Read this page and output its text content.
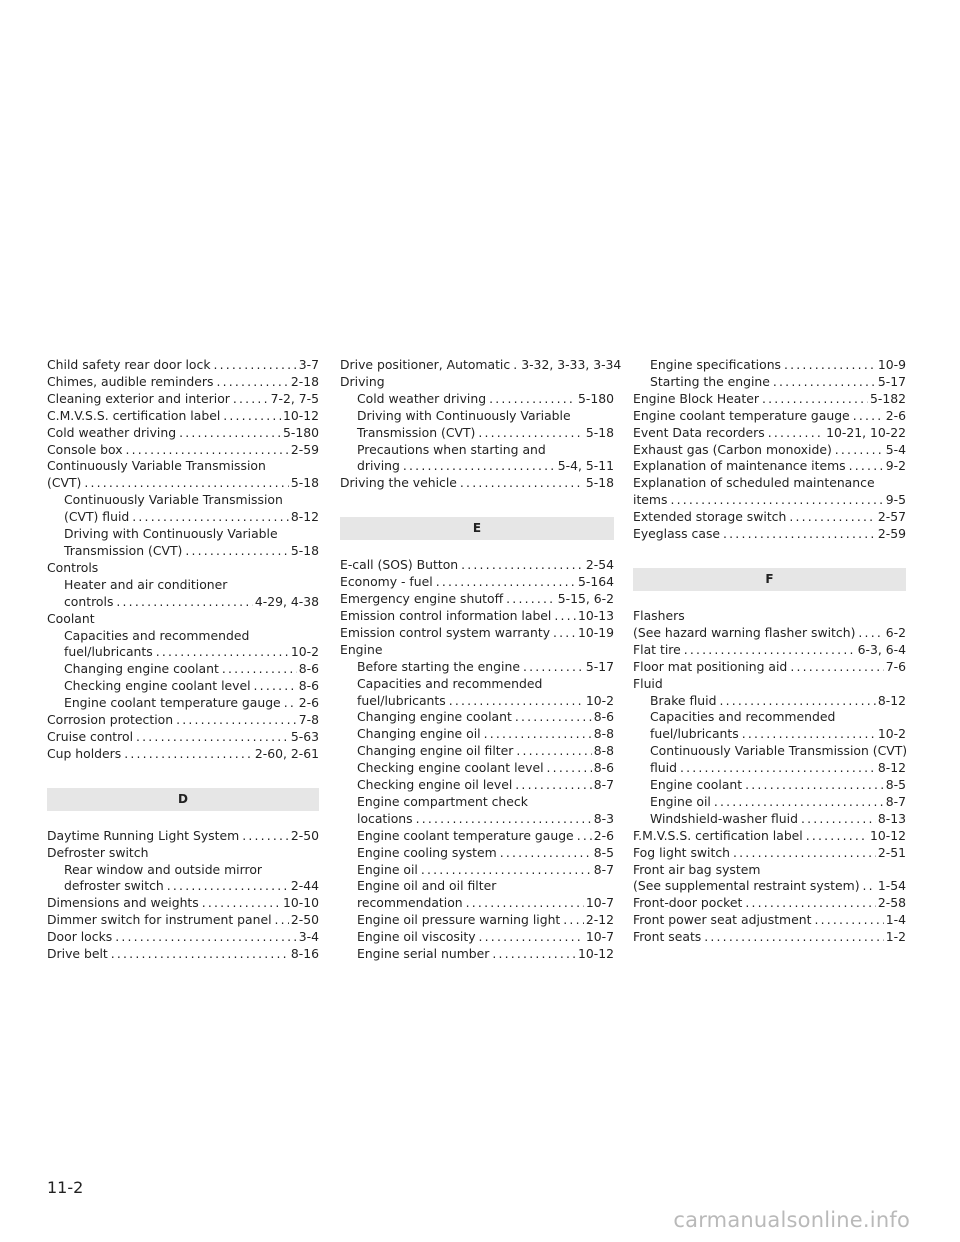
Child safety rear door lock .....	3-7
Chimes, audible reminders .....	2-18
Cleaning exterior and interior .....	7-2, 7-5
C.M.V.S.S. certification label .....	10-12
Cold weather driving .....	5-180
Console box .....	2-59
Continuously Variable Transmission
(CVT) .....	5-18
Continuously Variable Transmission
(CVT) fluid .....	8-12
Driving with Continuously Variable
Transmission (CVT) .....	5-18
Controls
Heater and air conditioner
controls .....	4-29, 4-38
Coolant
Capacities and recommended
fuel/lubricants .....	10-2
Changing engine coolant .....	8-6
Checking engine coolant level .....	8-6
Engine coolant temperature gauge ..... 2-6
Corrosion protection .....	7-8
Cruise control .....	5-63
Cup holders .....	2-60, 2-61
D
Daytime Running Light System .....	2-50
Defroster switch
Rear window and outside mirror
defroster switch .....	2-44
Dimensions and weights .....	10-10
Dimmer switch for instrument panel ..... 2-50
Door locks .....	3-4
Drive belt .....	8-16
Drive positioner, Automatic ..... 3-32, 3-33, 3-34
Driving
Cold weather driving .....	5-180
Driving with Continuously Variable
Transmission (CVT) .....	5-18
Precautions when starting and
driving .....	5-4, 5-11
Driving the vehicle .....	5-18
E
E-call (SOS) Button .....	2-54
Economy - fuel .....	5-164
Emergency engine shutoff .....	5-15, 6-2
Emission control information label ..... 10-13
Emission control system warranty ..... 10-19
Engine
Before starting the engine .....	5-17
Capacities and recommended
fuel/lubricants .....	10-2
Changing engine coolant .....	8-6
Changing engine oil .....	8-8
Changing engine oil filter .....	8-8
Checking engine coolant level .....	8-6
Checking engine oil level .....	8-7
Engine compartment check
locations .....	8-3
Engine coolant temperature gauge ..... 2-6
Engine cooling system .....	8-5
Engine oil .....	8-7
Engine oil and oil filter
recommendation .....	10-7
Engine oil pressure warning light ..... 2-12
Engine oil viscosity .....	10-7
Engine serial number .....	10-12
Engine specifications .....	10-9
Starting the engine .....	5-17
Engine Block Heater .....	5-182
Engine coolant temperature gauge .....	2-6
Event Data recorders .....	10-21, 10-22
Exhaust gas (Carbon monoxide) .....	5-4
Explanation of maintenance items .....	9-2
Explanation of scheduled maintenance
items .....	9-5
Extended storage switch .....	2-57
Eyeglass case .....	2-59
F
Flashers
(See hazard warning flasher switch) ..... 6-2
Flat tire .....	6-3, 6-4
Floor mat positioning aid .....	7-6
Fluid
Brake fluid .....	8-12
Capacities and recommended
fuel/lubricants .....	10-2
Continuously Variable Transmission (CVT)
fluid .....	8-12
Engine coolant .....	8-5
Engine oil .....	8-7
Windshield-washer fluid .....	8-13
F.M.V.S.S. certification label .....	10-12
Fog light switch .....	2-51
Front air bag system
(See supplemental restraint system) ..... 1-54
Front-door pocket .....	2-58
Front power seat adjustment .....	1-4
Front seats .....	1-2
11-2
carmanualsonline.info
